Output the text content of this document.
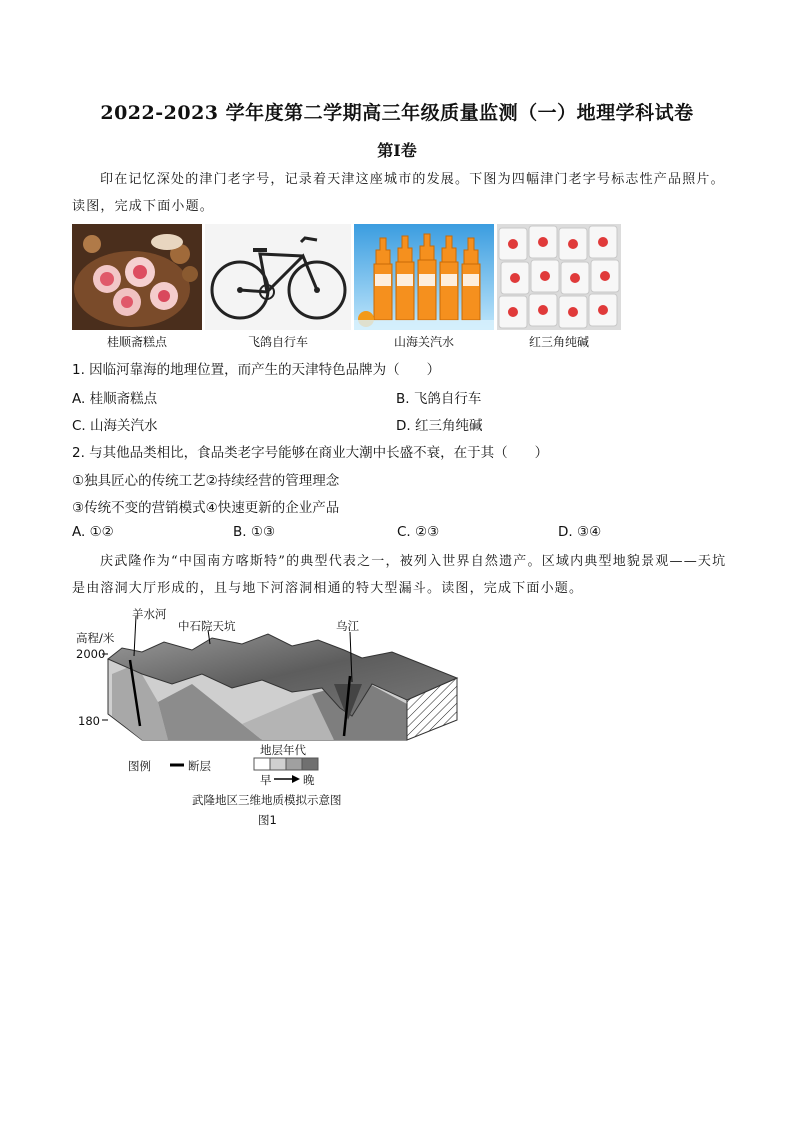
2022-2023 学年度第二学期高三年级质量监测（一）地理学科试卷
第I卷
印在记忆深处的津门老字号，记录着天津这座城市的发展。下图为四幅津门老字号标志性产品照片。读图，完成下面小题。
桂顺斋糕点	飞鸽自行车	山海关汽水	红三角纯碱
1. 因临河靠海的地理位置，而产生的天津特色品牌为（　　）
A. 桂顺斋糕点	B. 飞鸽自行车
C. 山海关汽水	D. 红三角纯碱
2. 与其他品类相比，食品类老字号能够在商业大潮中长盛不衰，在于其（　　）
①独具匠心的传统工艺②持续经营的管理理念
③传统不变的营销模式④快速更新的企业产品
A. ①②	B. ①③	C. ②③	D. ③④
庆武隆作为“中国南方喀斯特”的典型代表之一，被列入世界自然遗产。区域内典型地貌景观——天坑是由溶洞大厅形成的，且与地下河溶洞相通的特大型漏斗。读图，完成下面小题。
羊水河
中石院天坑	乌江
高程/米
2000
180
图例	断层
地层年代
早	晚
武隆地区三维地质模拟示意图
图1
